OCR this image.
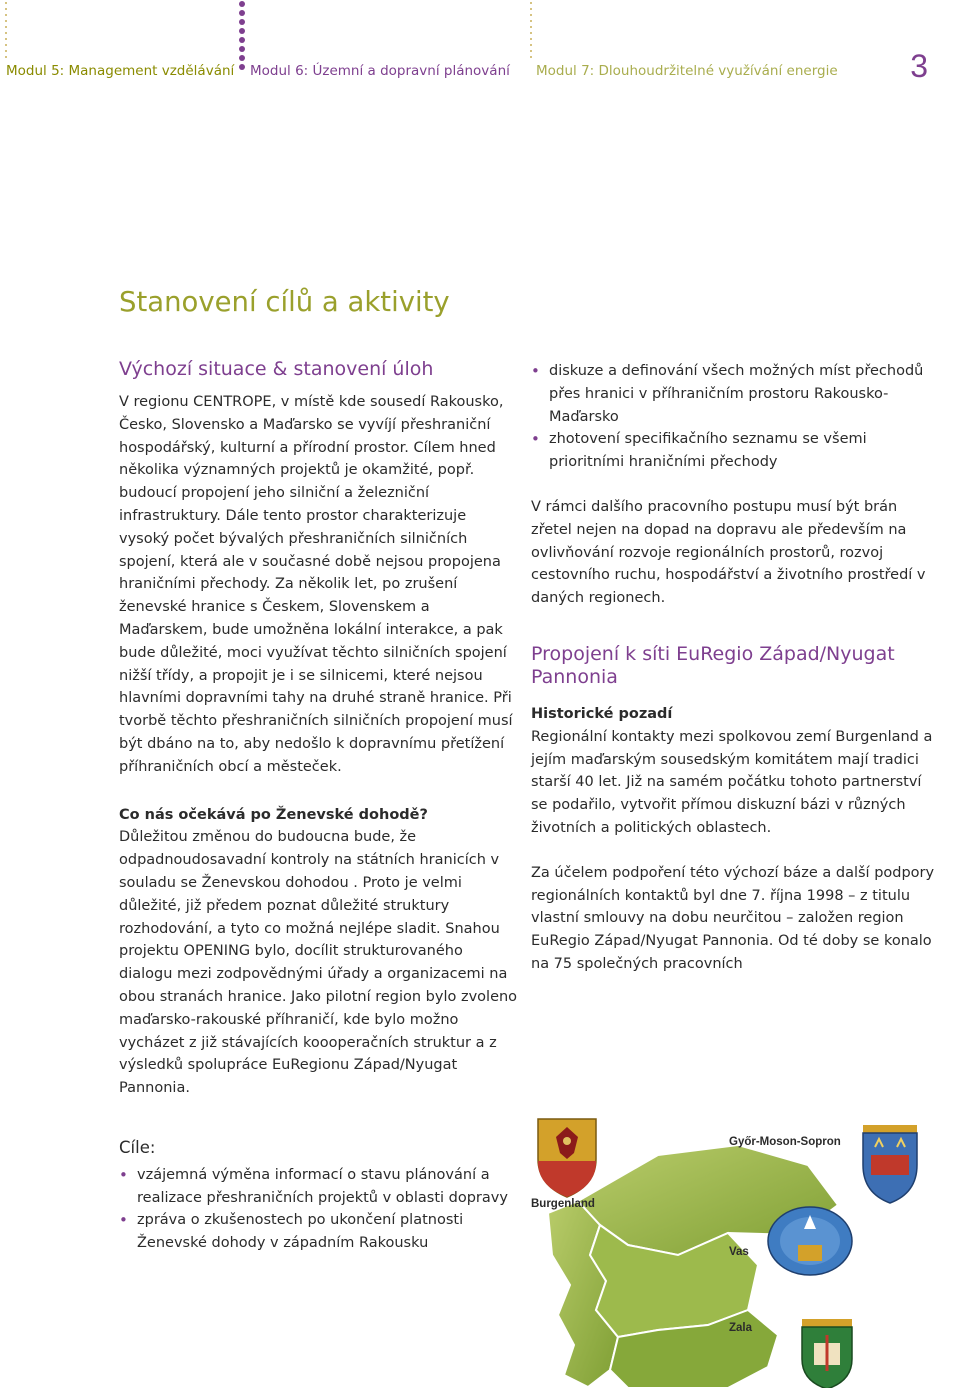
Modul 5: Management vzdělávání Modul 6: Územní a dopravní plánování Modul 7: Dlouhoudržitelné využívání energie 3
Stanovení cílů a aktivity
Výchozí situace & stanovení úloh

V regionu CENTROPE, v místě kde sousedí Rakousko, Česko, Slovensko a Maďarsko se vyvíjí přeshraniční hospodářský, kulturní a přírodní prostor. Cílem hned několika významných projektů je okamžité, popř. budoucí propojení jeho silniční a železniční infrastruktury. Dále tento prostor charakterizuje vysoký počet bývalých přeshraničních silničních spojení, která ale v současné době nejsou propojena hraničními přechody. Za několik let, po zrušení ženevské hranice s Českem, Slovenskem a Maďarskem, bude umožněna lokální interakce, a pak bude důležité, moci využívat těchto silničních spojení nižší třídy, a propojit je i se silnicemi, které nejsou hlavními dopravními tahy na druhé straně hranice. Při tvorbě těchto přeshraničních silničních propojení musí být dbáno na to, aby nedošlo k dopravnímu přetížení příhraničních obcí a městeček.

Co nás očekává po Ženevské dohodě?

Důležitou změnou do budoucna bude, že odpadnoudosavadní kontroly na státních hranicích v souladu se Ženevskou dohodou . Proto je velmi důležité, již předem poznat důležité struktury rozhodování, a tyto co možná nejlépe sladit. Snahou projektu OPENING bylo, docílit strukturovaného dialogu mezi zodpovědnými úřady a organizacemi na obou stranách hranice. Jako pilotní region bylo zvoleno maďarsko-rakouské příhraničí, kde bylo možno vycházet z již stávajících koooperačních struktur a z výsledků spolupráce EuRegionu Západ/Nyugat Pannonia.

Cíle:
• vzájemná výměna informací o stavu plánování a realizace přeshraničních projektů v oblasti dopravy
• zpráva o zkušenostech po ukončení platnosti Ženevské dohody v západním Rakousku
• diskuze a definování všech možných míst přechodů přes hranici v příhraničním prostoru Rakousko-Maďarsko
• zhotovení specifikačního seznamu se všemi prioritními hraničními přechody

V rámci dalšího pracovního postupu musí být brán zřetel nejen na dopad na dopravu ale především na ovlivňování rozvoje regionálních prostorů, rozvoj cestovního ruchu, hospodářství a životního prostředí v daných regionech.

Propojení k síti EuRegio Západ/Nyugat Pannonia

Historické pozadí

Regionální kontakty mezi spolkovou zemí Burgenland a jejím maďarským sousedským komitátem mají tradici starší 40 let. Již na samém počátku tohoto partnerství se podařilo, vytvořit přímou diskuzní bázi v různých životních a politických oblastech.

Za účelem podpoření této výchozí báze a další podpory regionálních kontaktů byl dne 7. října 1998 – z titulu vlastní smlouvy na dobu neurčitou – založen region EuRegio Západ/Nyugat Pannonia. Od té doby se konalo na 75 společných pracovních

Burgenland
Győr-Moson-Sopron
Vas
Zala
